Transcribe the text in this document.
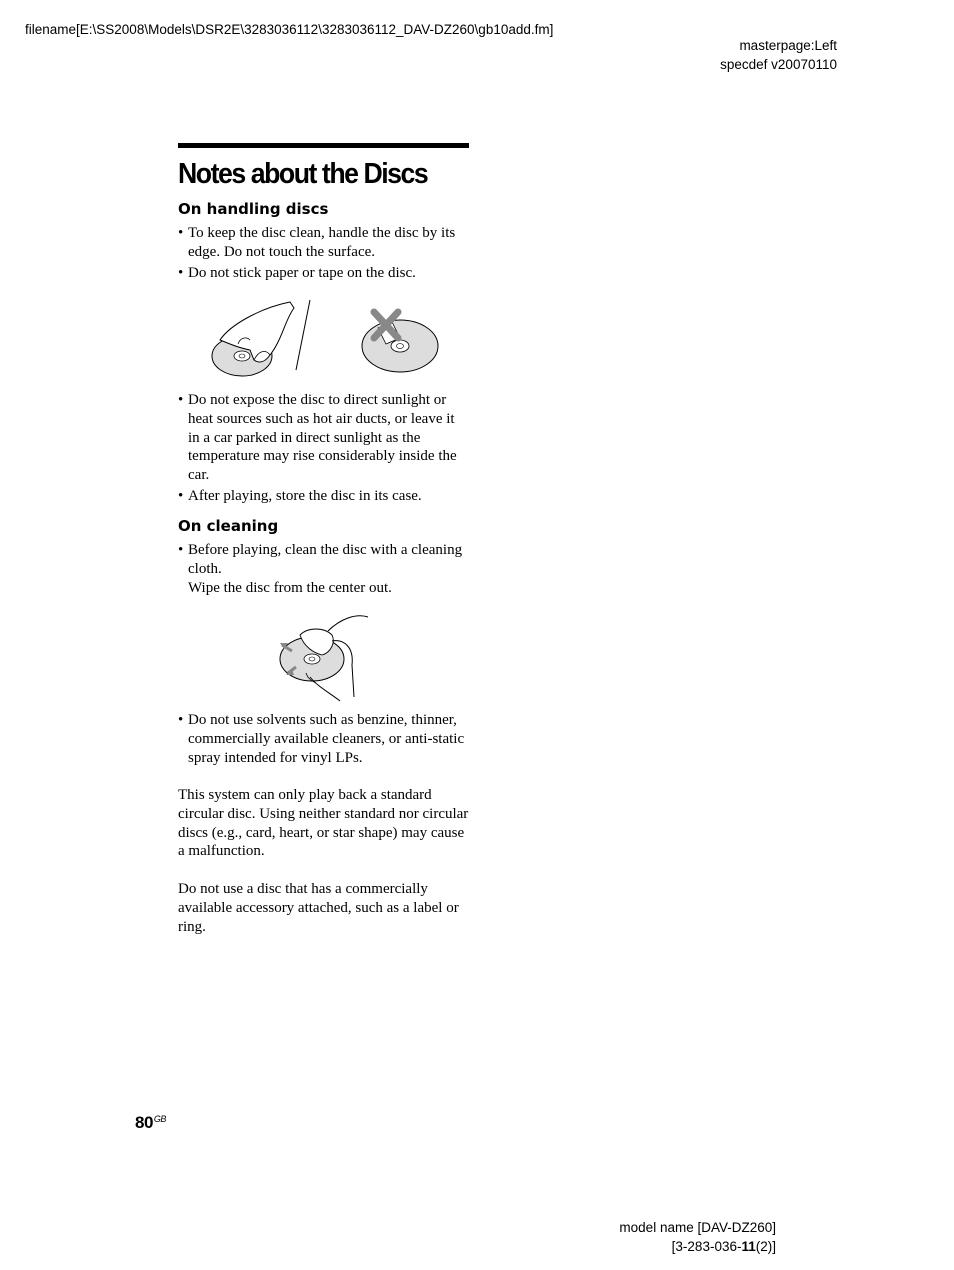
filename[E:\SS2008\Models\DSR2E\3283036112\3283036112_DAV-DZ260\gb10add.fm]
masterpage:Left
specdef v20070110
Notes about the Discs
On handling discs
• To keep the disc clean, handle the disc by its edge. Do not touch the surface.
• Do not stick paper or tape on the disc.
• Do not expose the disc to direct sunlight or heat sources such as hot air ducts, or leave it in a car parked in direct sunlight as the temperature may rise considerably inside the car.
• After playing, store the disc in its case.
On cleaning
• Before playing, clean the disc with a cleaning cloth.
Wipe the disc from the center out.
• Do not use solvents such as benzine, thinner, commercially available cleaners, or anti-static spray intended for vinyl LPs.

This system can only play back a standard circular disc. Using neither standard nor circular discs (e.g., card, heart, or star shape) may cause a malfunction.

Do not use a disc that has a commercially available accessory attached, such as a label or ring.

$80^{GB}$
model name [DAV-DZ260]
[3-283-036-11(2)]
